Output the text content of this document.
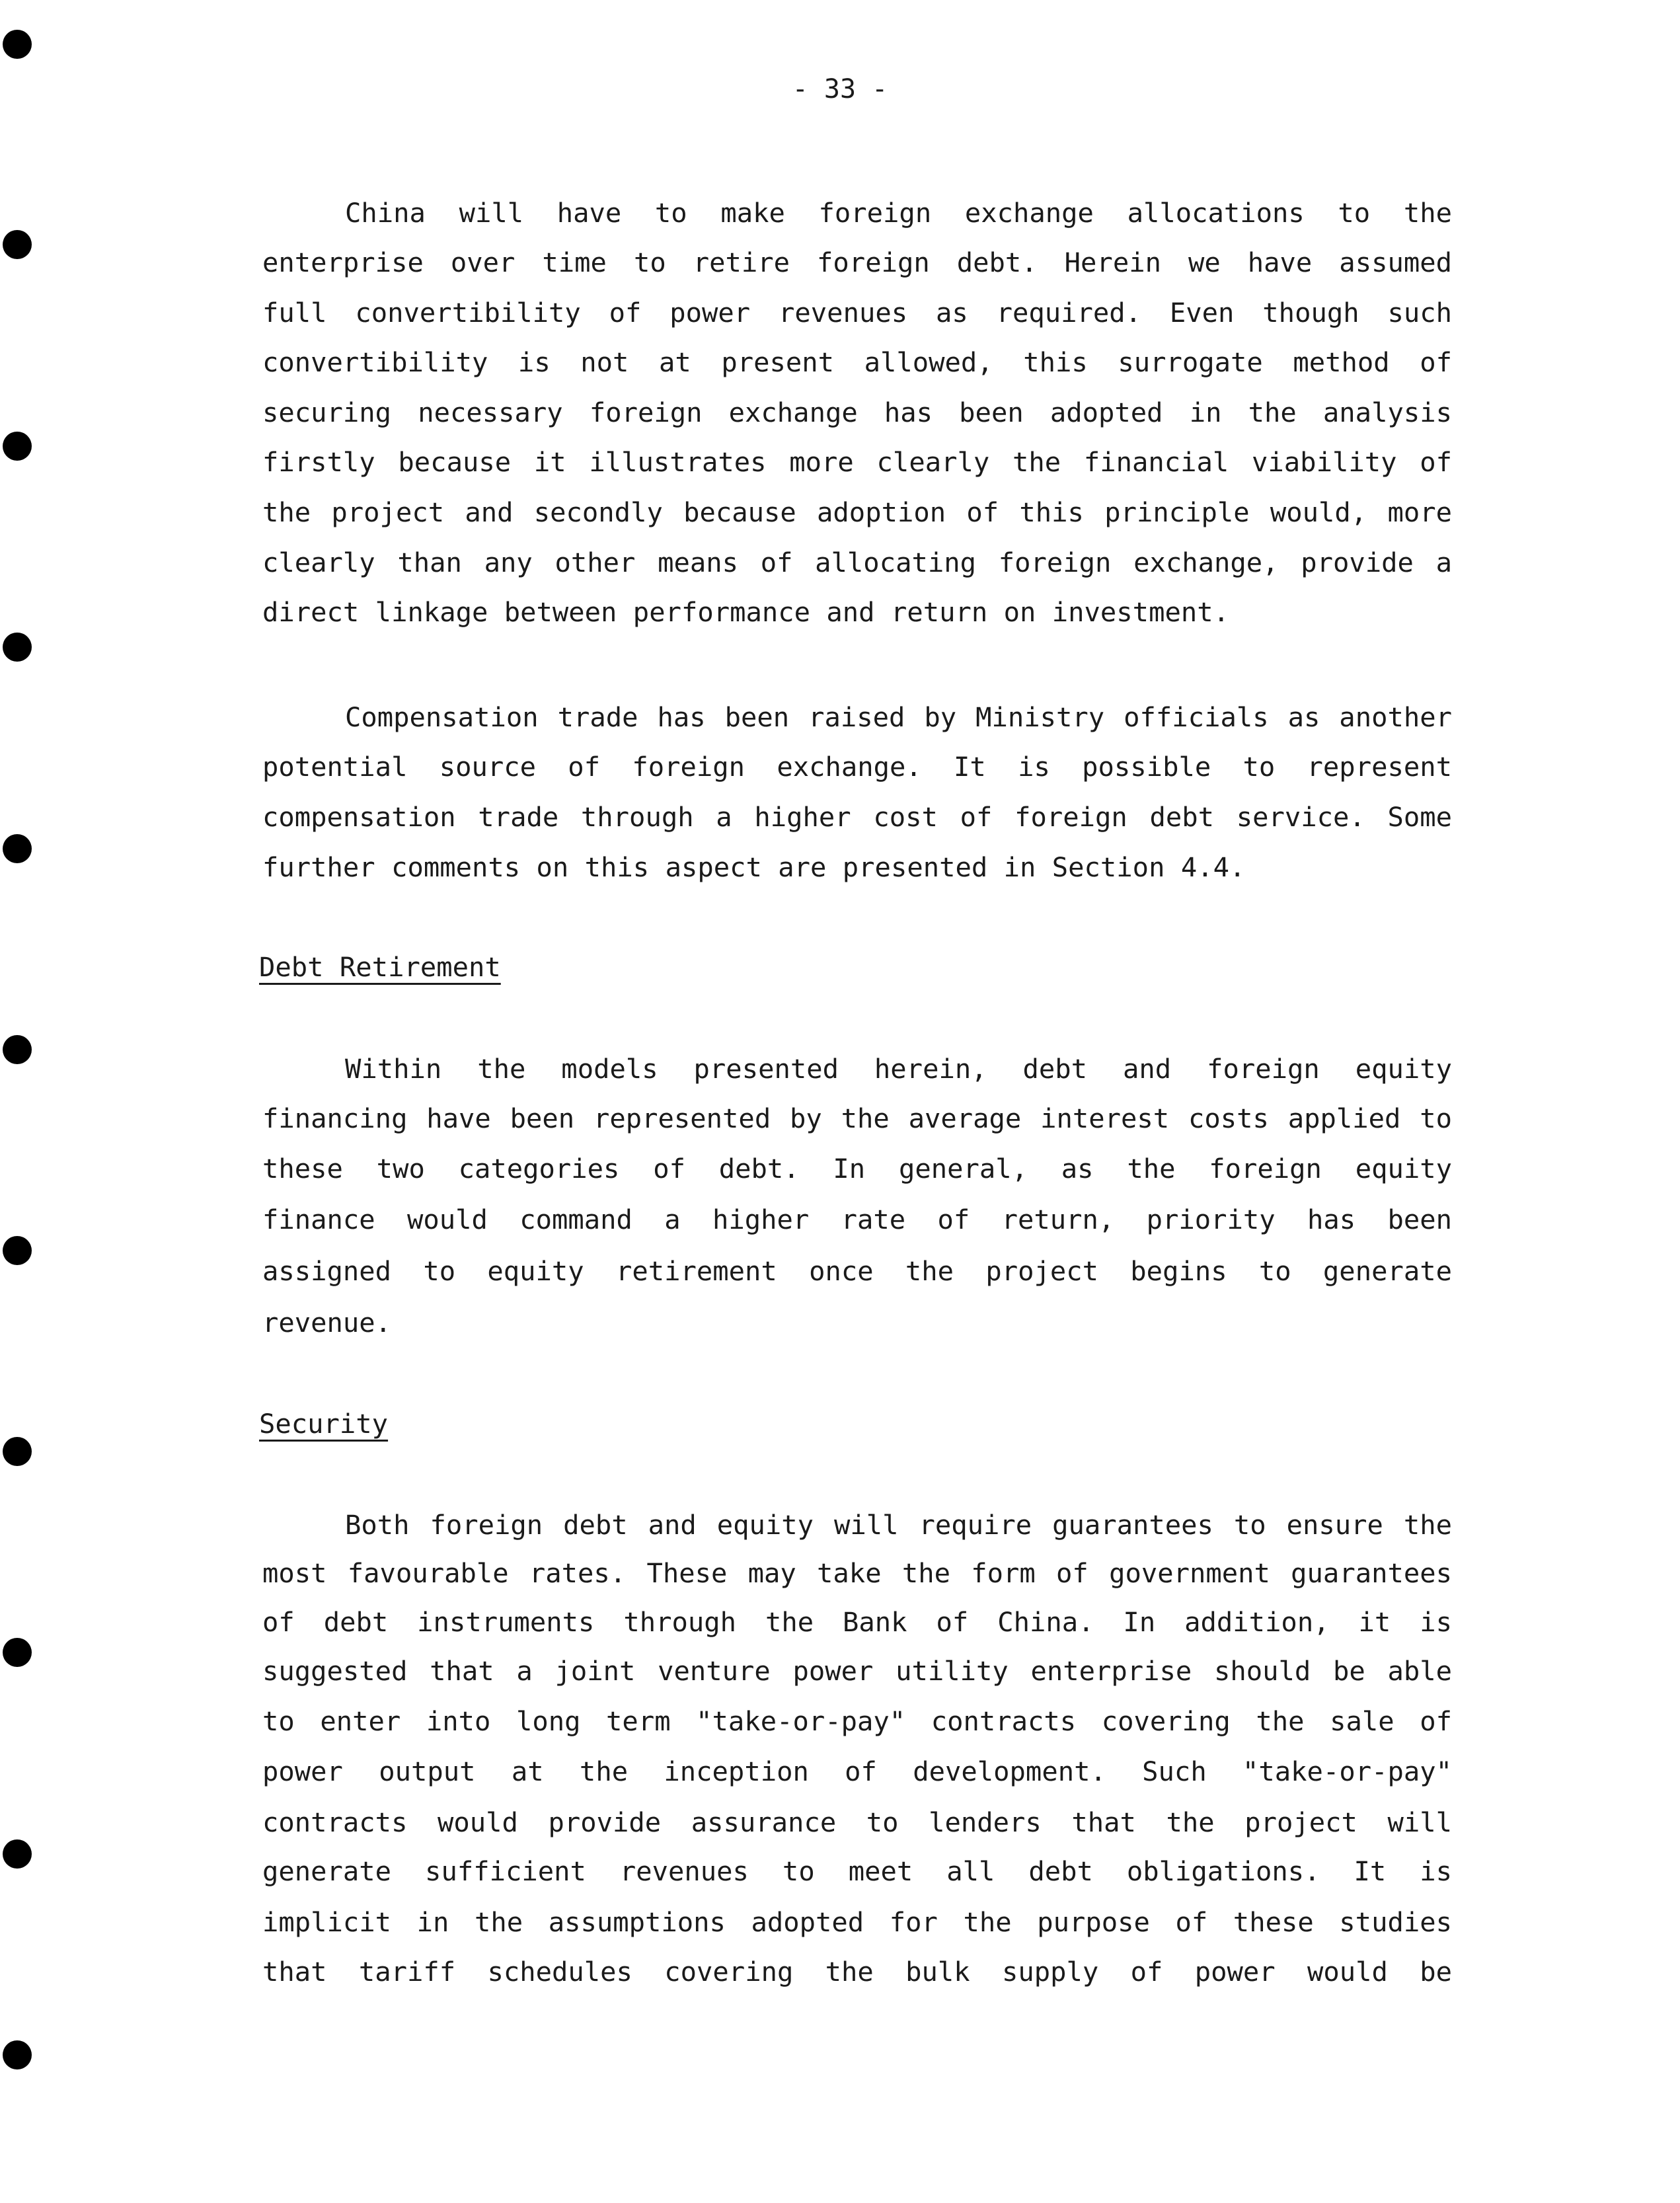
- 33 -
China will have to make foreign exchange allocations to the
enterprise over time to retire foreign debt. Herein we have assumed
full convertibility of power revenues as required. Even though such
convertibility is not at present allowed, this surrogate method of
securing necessary foreign exchange has been adopted in the analysis
firstly because it illustrates more clearly the financial viability of
the project and secondly because adoption of this principle would, more
clearly than any other means of allocating foreign exchange, provide a
direct linkage between performance and return on investment.
Compensation trade has been raised by Ministry officials as another
potential source of foreign exchange. It is possible to represent
compensation trade through a higher cost of foreign debt service. Some
further comments on this aspect are presented in Section 4.4.
Debt Retirement
Within the models presented herein, debt and foreign equity
financing have been represented by the average interest costs applied to
these two categories of debt. In general, as the foreign equity
finance would command a higher rate of return, priority has been
assigned to equity retirement once the project begins to generate
revenue.
Security
Both foreign debt and equity will require guarantees to ensure the
most favourable rates. These may take the form of government guarantees
of debt instruments through the Bank of China. In addition, it is
suggested that a joint venture power utility enterprise should be able
to enter into long term "take-or-pay" contracts covering the sale of
power output at the inception of development. Such "take-or-pay"
contracts would provide assurance to lenders that the project will
generate sufficient revenues to meet all debt obligations. It is
implicit in the assumptions adopted for the purpose of these studies
that tariff schedules covering the bulk supply of power would be
